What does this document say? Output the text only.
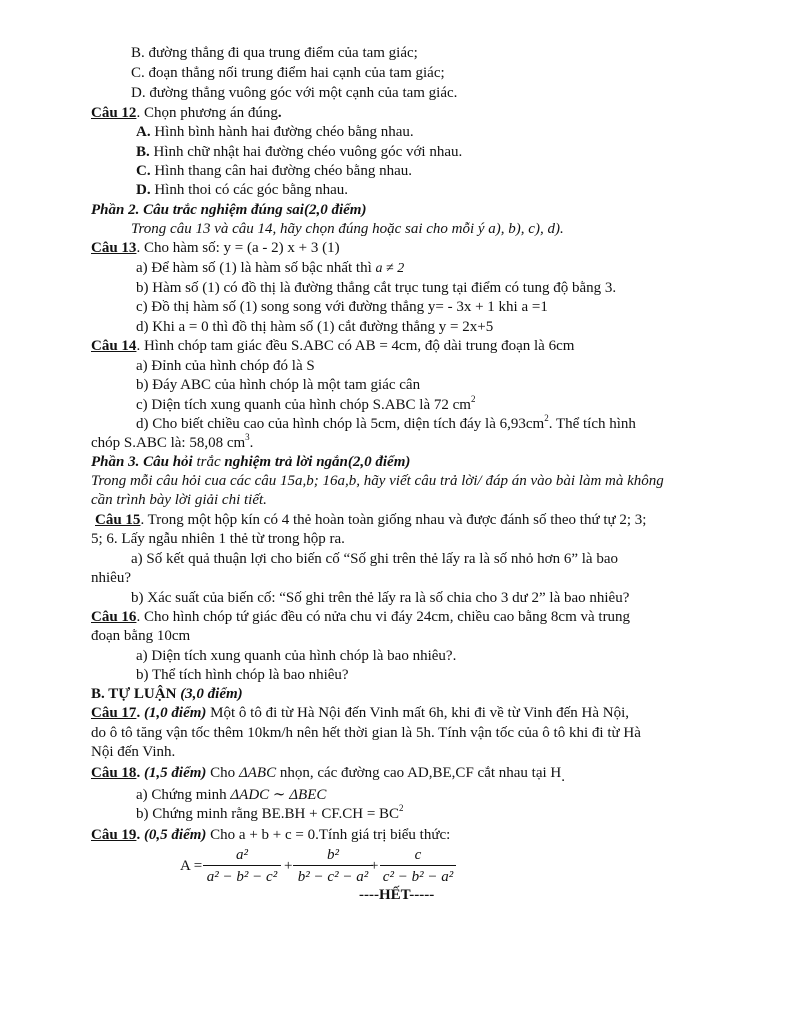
B. đường thẳng đi qua trung điểm của tam giác;
C. đoạn thẳng nối trung điểm hai cạnh của tam giác;
D. đường thẳng vuông góc với một cạnh của tam giác.
Câu 12. Chọn phương án đúng.
A. Hình bình hành hai đường chéo bằng nhau.
B. Hình chữ nhật hai đường chéo vuông góc với nhau.
C. Hình thang cân hai đường chéo bằng nhau.
D. Hình thoi có các góc bằng nhau.
Phần 2. Câu trắc nghiệm đúng sai(2,0 điểm)
Trong câu 13 và câu 14, hãy chọn đúng hoặc sai cho mỗi ý a), b), c), d).
Câu 13. Cho hàm số: y = (a - 2) x + 3 (1)
a) Để hàm số (1) là hàm số bậc nhất thì a ≠ 2
b) Hàm số (1) có đồ thị là đường thẳng cắt trục tung tại điểm có tung độ bằng 3.
c) Đồ thị hàm số (1) song song với đường thẳng y= - 3x + 1 khi a =1
d) Khi a = 0 thì đồ thị hàm số (1) cắt đường thẳng y = 2x+5
Câu 14. Hình chóp tam giác đều S.ABC có AB = 4cm, độ dài trung đoạn là 6cm
a) Đỉnh của hình chóp đó là S
b) Đáy ABC của hình chóp là một tam giác cân
c) Diện tích xung quanh của hình chóp S.ABC là 72 $cm^2$
d) Cho biết chiều cao của hình chóp là 5cm, diện tích đáy là $6,93cm^2$. Thể tích hình
chóp S.ABC là: 58,08 $cm^3$.
Phần 3. Câu hỏi trắc nghiệm trả lời ngắn(2,0 điểm)
Trong mỗi câu hỏi cua các câu 15a,b; 16a,b, hãy viết câu trả lời/ đáp án vào bài làm mà không
cần trình bày lời giải chi tiết.
Câu 15. Trong một hộp kín có 4 thẻ hoàn toàn giống nhau và được đánh số theo thứ tự 2; 3;
5; 6. Lấy ngẫu nhiên 1 thẻ từ trong hộp ra.
a) Số kết quả thuận lợi cho biến cố “Số ghi trên thẻ lấy ra là số nhỏ hơn 6” là bao
nhiêu?
b) Xác suất của biến cố: “Số ghi trên thẻ lấy ra là số chia cho 3 dư 2” là bao nhiêu?
Câu 16. Cho hình chóp tứ giác đều có nửa chu vi đáy 24cm, chiều cao bằng 8cm và trung
đoạn bằng 10cm
a) Diện tích xung quanh của hình chóp là bao nhiêu?.
b) Thể tích hình chóp là bao nhiêu?
B. TỰ LUẬN (3,0 điểm)
Câu 17. (1,0 điểm) Một ô tô đi từ Hà Nội đến Vinh mất 6h, khi đi về từ Vinh đến Hà Nội,
do ô tô tăng vận tốc thêm 10km/h nên hết thời gian là 5h. Tính vận tốc của ô tô khi đi từ Hà
Nội đến Vinh.
Câu 18. (1,5 điểm) Cho ΔABC nhọn, các đường cao AD,BE,CF cắt nhau tại H.
a) Chứng minh ΔADC ∼ ΔBEC
b) Chứng minh rằng $BE.BH + CF.CH = BC^2$
Câu 19. (0,5 điểm) Cho a + b + c = 0.Tính giá trị biểu thức:
A =
a²
a² − b² − c²
+
b²
b² − c² − a²
+
c
c² − b² − a²
----HẾT-----
